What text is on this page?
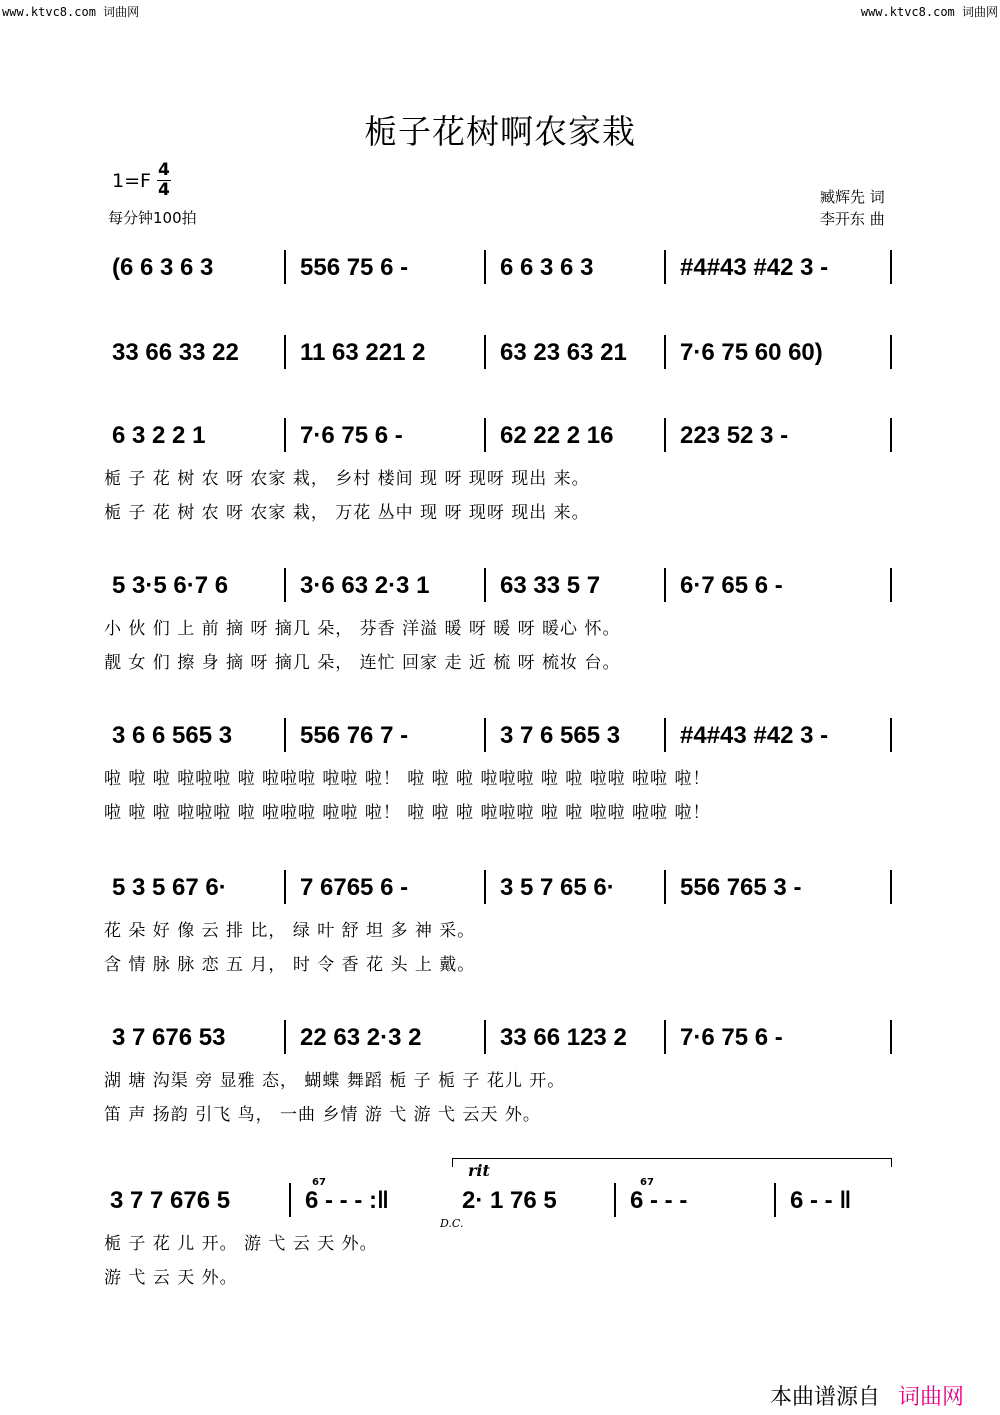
www.ktvc8.com 词曲网	www.ktvc8.com 词曲网
栀子花树啊农家栽
$1=F \frac{4}{4}$
每分钟100拍
臧辉先 词
李开东 曲
(6 6 3 6 3	556 75 6 -	6 6 3 6 3	#4#43 #42 3 -
33 66 33 22	11 63 221 2	63 23 63 21 7·6 75 60 60)
6 3 2 2 1	7·6 75 6 -	62 22 2 16	223 52 3 -
栀 子 花 树 农 呀 农家 栽， 乡村 楼间 现 呀 现呀 现出 来。
栀 子 花 树 农 呀 农家 栽， 万花 丛中 现 呀 现呀 现出 来。
5 3·5 6·7 6	3·6 63 2·3 1	63 33 5 7	6·7 65 6 -
小 伙 们 上 前 摘 呀 摘几 朵， 芬香 洋溢 暖 呀 暖 呀 暖心 怀。
靓 女 们 擦 身 摘 呀 摘几 朵， 连忙 回家 走 近 梳 呀 梳妆 台。
3 6 6 565 3	556 76 7 -	3 7 6 565 3 #4#43 #42 3 -
啦 啦 啦 啦啦啦 啦 啦啦啦 啦啦 啦！ 啦 啦 啦 啦啦啦 啦 啦 啦啦 啦啦 啦！
啦 啦 啦 啦啦啦 啦 啦啦啦 啦啦 啦！ 啦 啦 啦 啦啦啦 啦 啦 啦啦 啦啦 啦！
5 3 5 67 6·	7 6765 6 -	3 5 7 65 6·	556 765 3 -
花 朵 好 像 云 排 比， 绿 叶 舒 坦 多 神 采。
含 情 脉 脉 恋 五 月， 时 令 香 花 头 上 戴。
3 7 676 53	22 63 2·3 2	33 66 123 2 7·6 75 6 -
湖 塘 沟渠 旁 显雅 态， 蝴蝶 舞蹈 栀 子 栀 子 花儿 开。
笛 声 扬韵 引飞 鸟， 一曲 乡情 游 弋 游 弋 云天 外。
3 7 7 676 5	6 - - - :‖	2· 1 76 5	6 - - -	6 - - ‖
栀 子 花 儿 开。 游 弋 云 天 外。
游 弋 云 天 外。
D.C.
rit
67	67
本曲谱源自 词曲网
